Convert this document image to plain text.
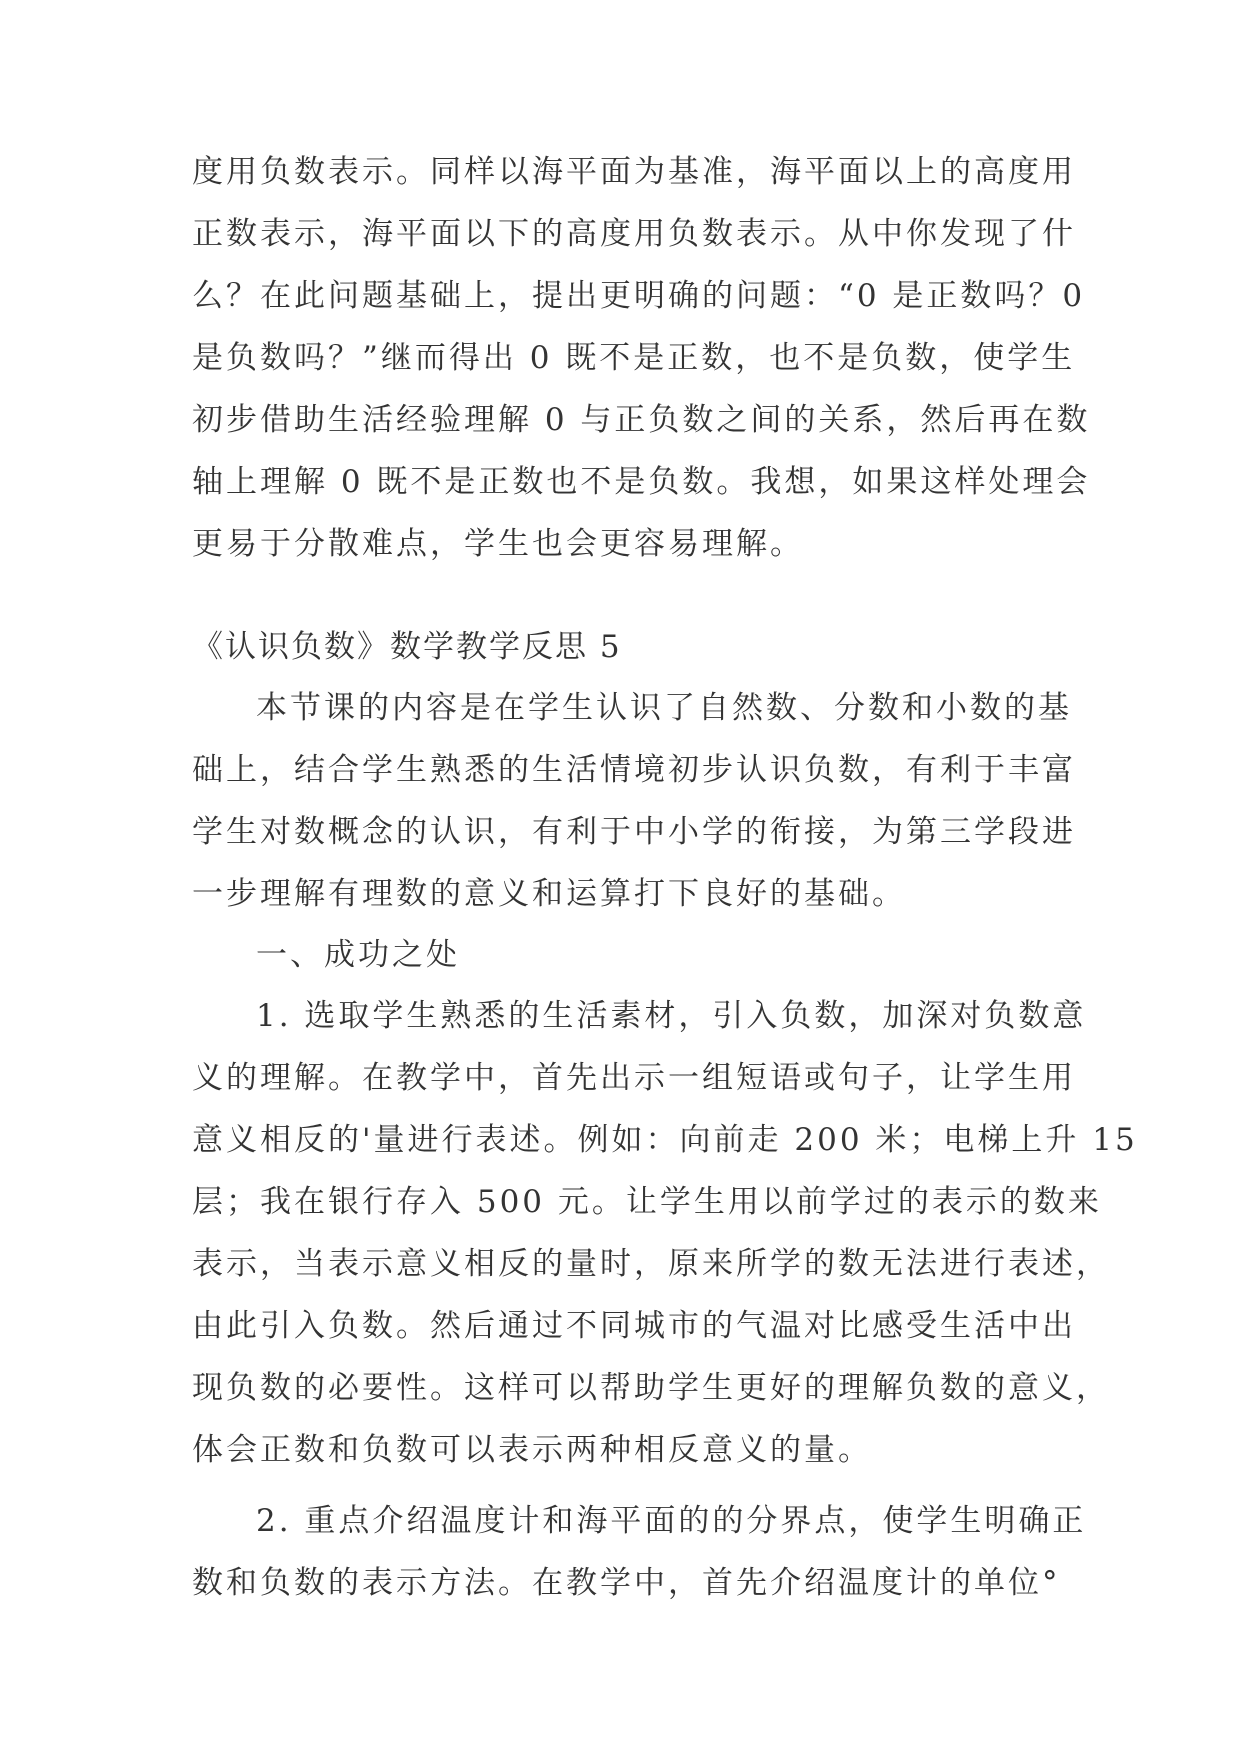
度用负数表示。同样以海平面为基准，海平面以上的高度用
正数表示，海平面以下的高度用负数表示。从中你发现了什
么？在此问题基础上，提出更明确的问题：“0 是正数吗？0
是负数吗？”继而得出 0 既不是正数，也不是负数，使学生
初步借助生活经验理解 0 与正负数之间的关系，然后再在数
轴上理解 0 既不是正数也不是负数。我想，如果这样处理会
更易于分散难点，学生也会更容易理解。
《认识负数》数学教学反思 5
本节课的内容是在学生认识了自然数、分数和小数的基
础上，结合学生熟悉的生活情境初步认识负数，有利于丰富
学生对数概念的认识，有利于中小学的衔接，为第三学段进
一步理解有理数的意义和运算打下良好的基础。
一、成功之处
1. 选取学生熟悉的生活素材，引入负数，加深对负数意
义的理解。在教学中，首先出示一组短语或句子，让学生用
意义相反的'量进行表述。例如：向前走 200 米；电梯上升 15
层；我在银行存入 500 元。让学生用以前学过的表示的数来
表示，当表示意义相反的量时，原来所学的数无法进行表述，
由此引入负数。然后通过不同城市的气温对比感受生活中出
现负数的必要性。这样可以帮助学生更好的理解负数的意义，
体会正数和负数可以表示两种相反意义的量。
2. 重点介绍温度计和海平面的的分界点，使学生明确正
数和负数的表示方法。在教学中，首先介绍温度计的单位°
